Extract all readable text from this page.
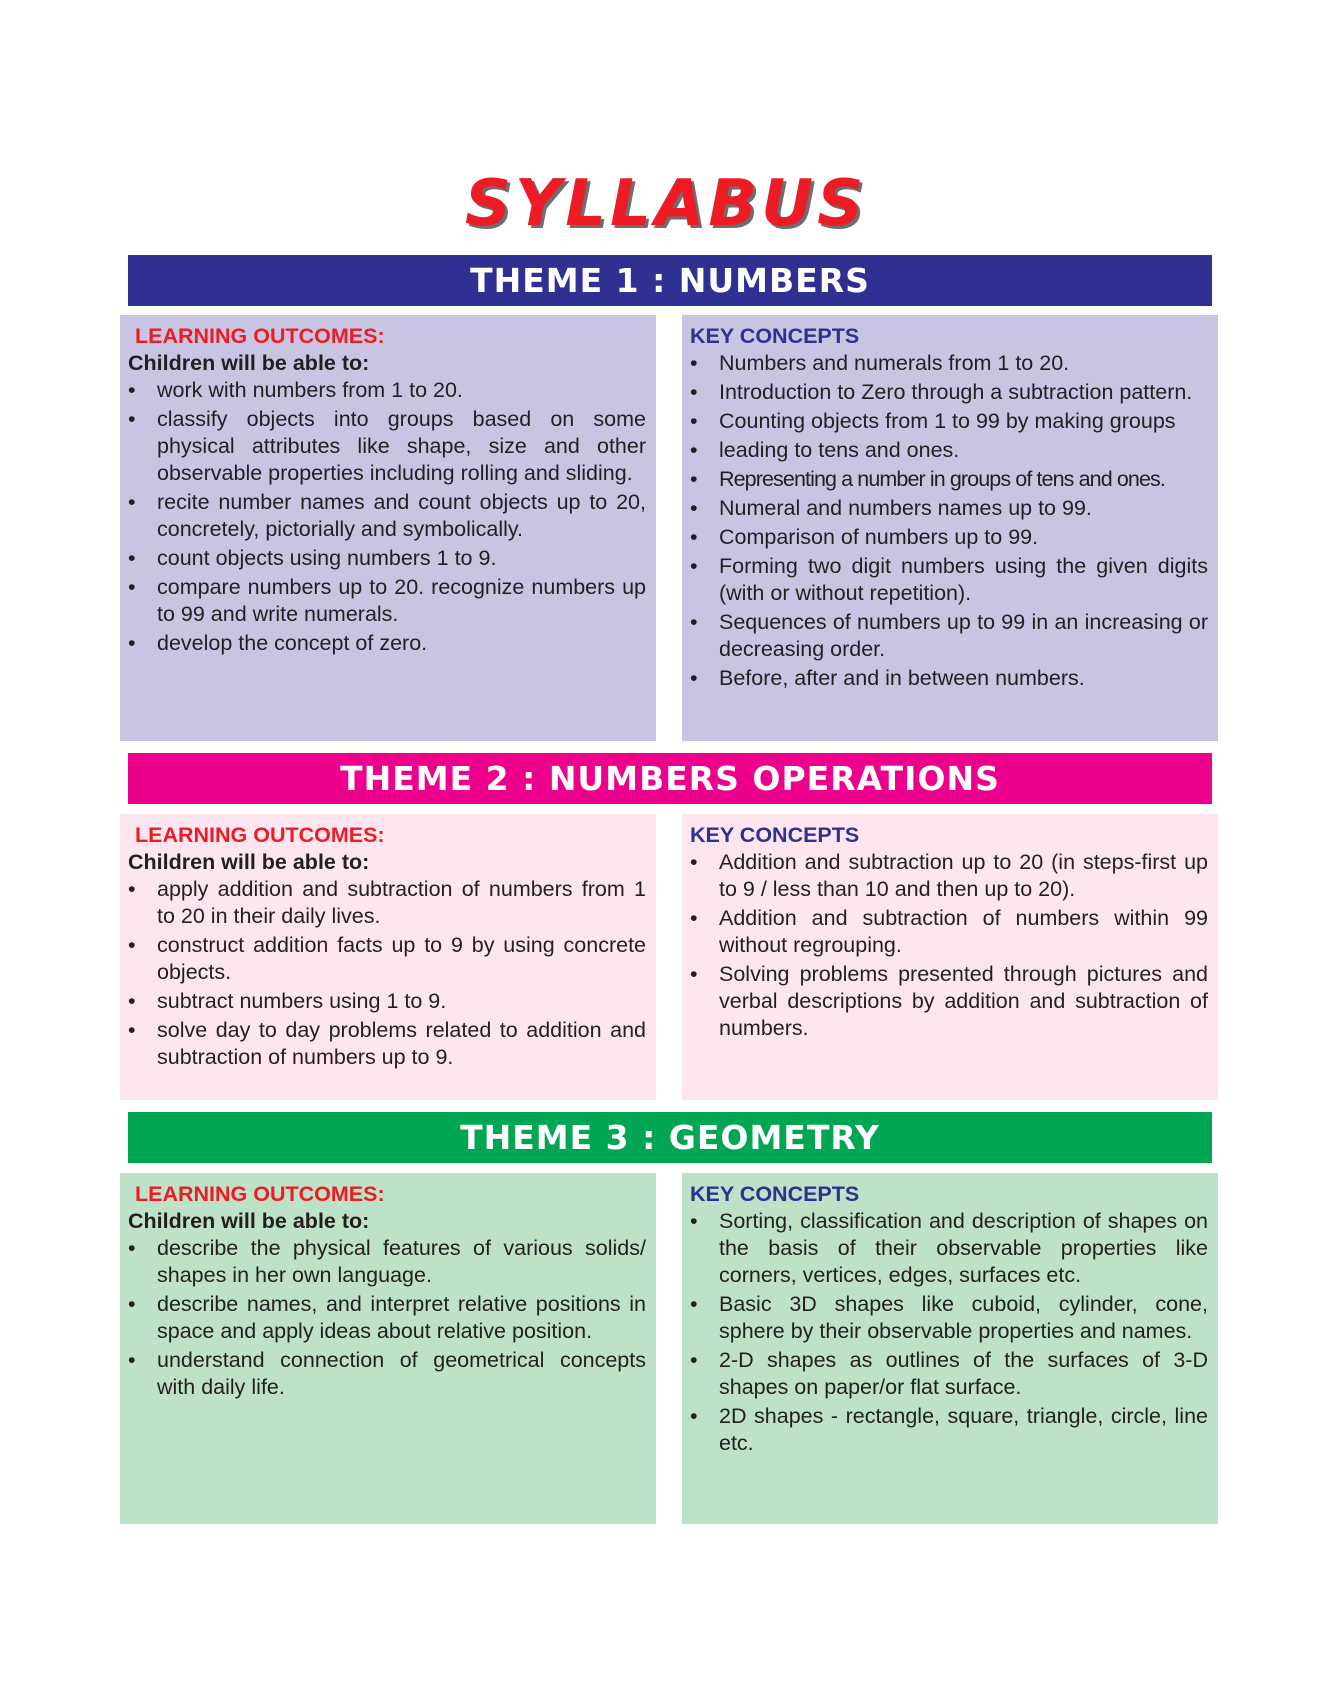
SYLLABUS
THEME 1 : NUMBERS
LEARNING OUTCOMES:
Children will be able to:
• work with numbers from 1 to 20.
• classify objects into groups based on some physical attributes like shape, size and other observable properties including rolling and sliding.
• recite number names and count objects up to 20, concretely, pictorially and symbolically.
• count objects using numbers 1 to 9.
• compare numbers up to 20. recognize numbers up to 99 and write numerals.
• develop the concept of zero.
KEY CONCEPTS
• Numbers and numerals from 1 to 20.
• Introduction to Zero through a subtraction pattern.
• Counting objects from 1 to 99 by making groups
• leading to tens and ones.
• Representing a number in groups of tens and ones.
• Numeral and numbers names up to 99.
• Comparison of numbers up to 99.
• Forming two digit numbers using the given digits (with or without repetition).
• Sequences of numbers up to 99 in an increasing or decreasing order.
• Before, after and in between numbers.
THEME 2 : NUMBERS OPERATIONS
LEARNING OUTCOMES:
Children will be able to:
• apply addition and subtraction of numbers from 1 to 20 in their daily lives.
• construct addition facts up to 9 by using concrete objects.
• subtract numbers using 1 to 9.
• solve day to day problems related to addition and subtraction of numbers up to 9.
KEY CONCEPTS
• Addition and subtraction up to 20 (in steps-first up to 9 / less than 10 and then up to 20).
• Addition and subtraction of numbers within 99 without regrouping.
• Solving problems presented through pictures and verbal descriptions by addition and subtraction of numbers.
THEME 3 : GEOMETRY
LEARNING OUTCOMES:
Children will be able to:
• describe the physical features of various solids/ shapes in her own language.
• describe names, and interpret relative positions in space and apply ideas about relative position.
• understand connection of geometrical concepts with daily life.
KEY CONCEPTS
• Sorting, classification and description of shapes on the basis of their observable properties like corners, vertices, edges, surfaces etc.
• Basic 3D shapes like cuboid, cylinder, cone, sphere by their observable properties and names.
• 2-D shapes as outlines of the surfaces of 3-D shapes on paper/or flat surface.
• 2D shapes - rectangle, square, triangle, circle, line etc.
